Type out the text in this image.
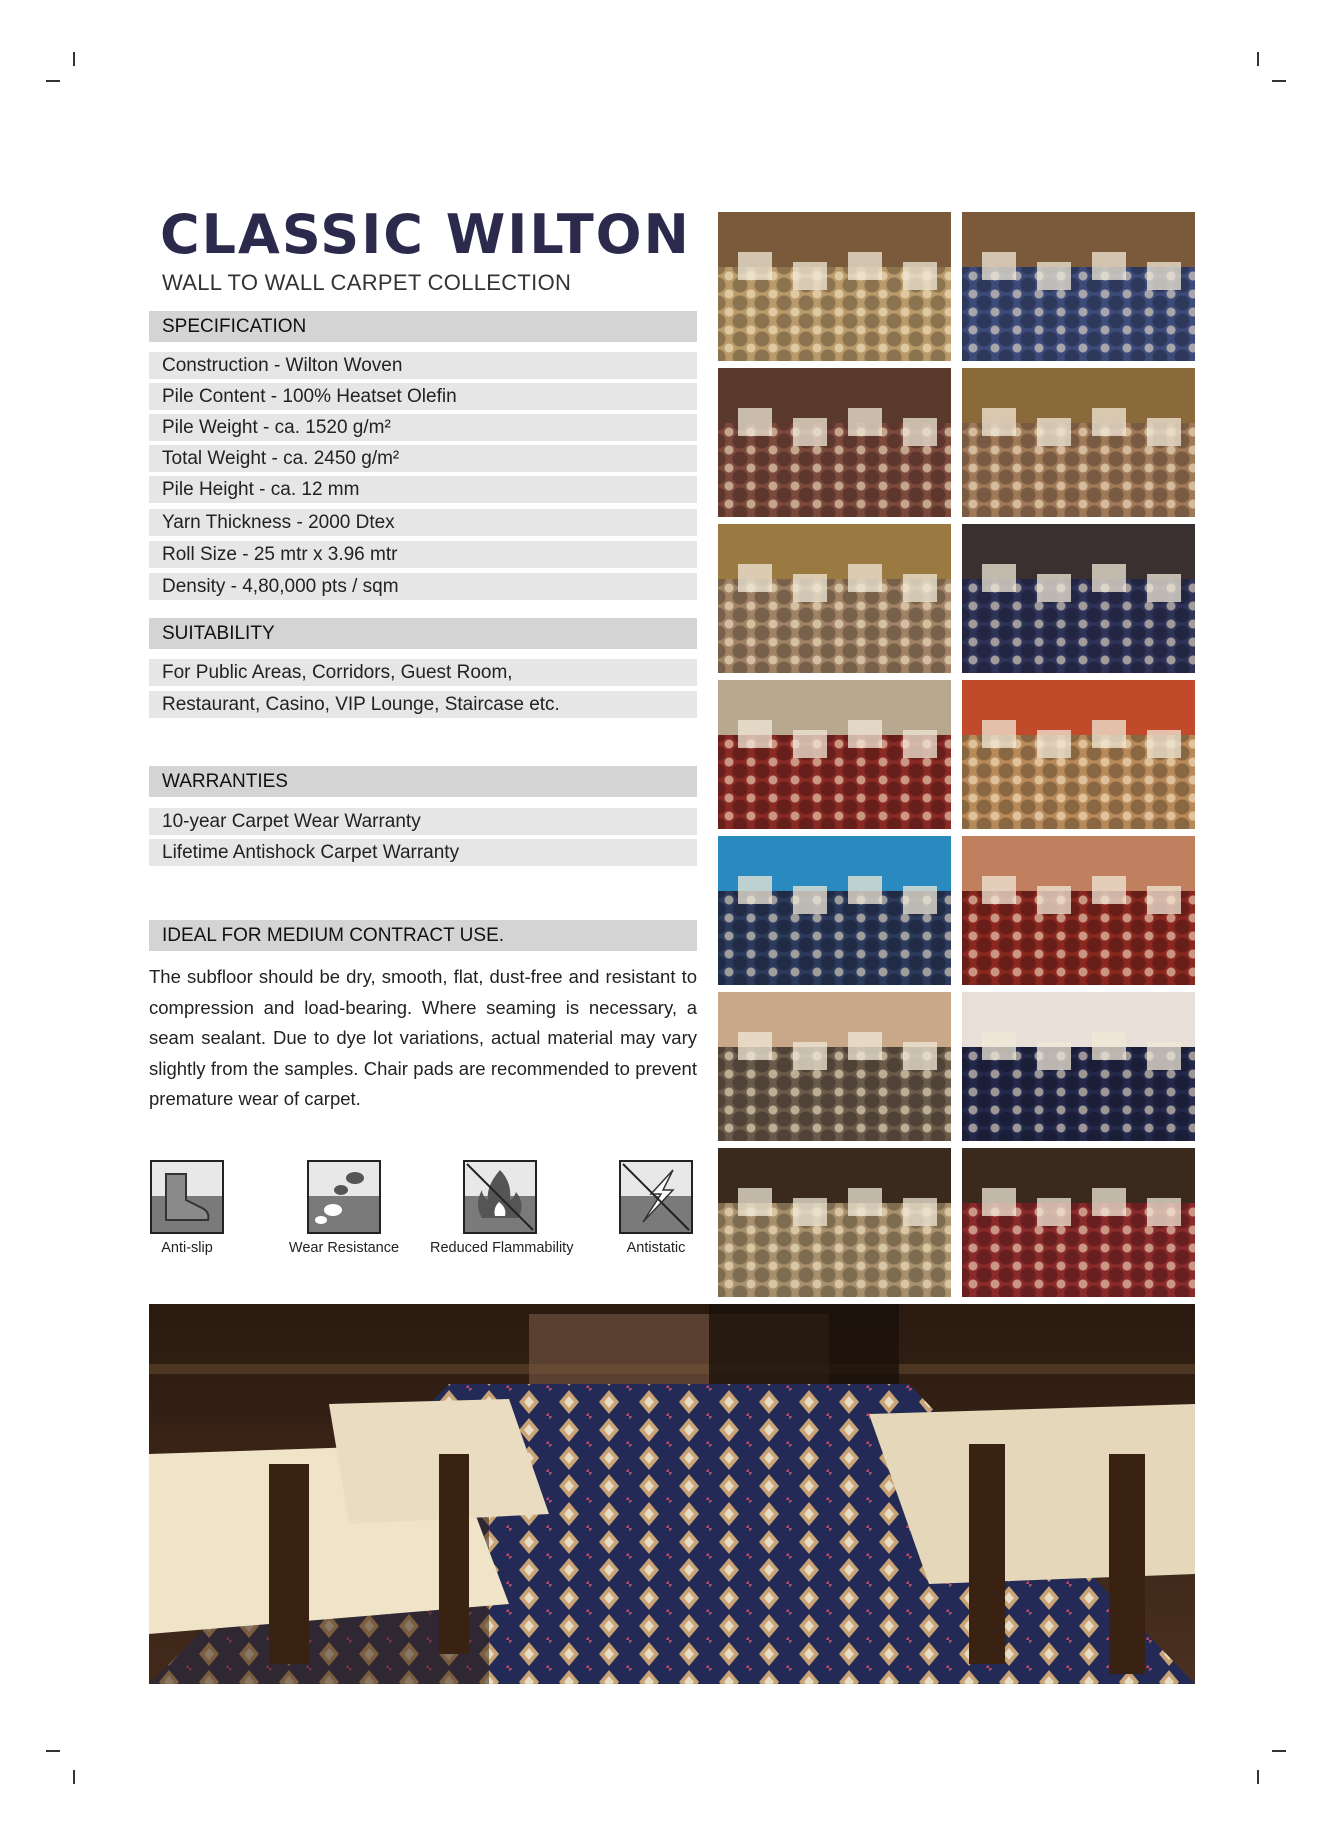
CLASSIC WILTON
WALL TO WALL CARPET COLLECTION
SPECIFICATION
Construction - Wilton Woven
Pile Content - 100% Heatset Olefin
Pile Weight - ca. 1520 g/m²
Total Weight - ca. 2450 g/m²
Pile Height - ca. 12 mm
Yarn Thickness - 2000 Dtex
Roll Size - 25 mtr x 3.96 mtr
Density - 4,80,000 pts / sqm
SUITABILITY
For Public Areas, Corridors, Guest Room,
Restaurant, Casino, VIP Lounge, Staircase etc.
WARRANTIES
10-year Carpet Wear Warranty
Lifetime Antishock Carpet Warranty
IDEAL FOR MEDIUM CONTRACT USE.

The subfloor should be dry, smooth, flat, dust-free and resistant to compression and load-bearing. Where seaming is necessary, a seam sealant. Due to dye lot variations, actual material may vary slightly from the samples. Chair pads are recommended to prevent premature wear of carpet.

Anti-slip	Wear Resistance	Reduced Flammability	Antistatic
